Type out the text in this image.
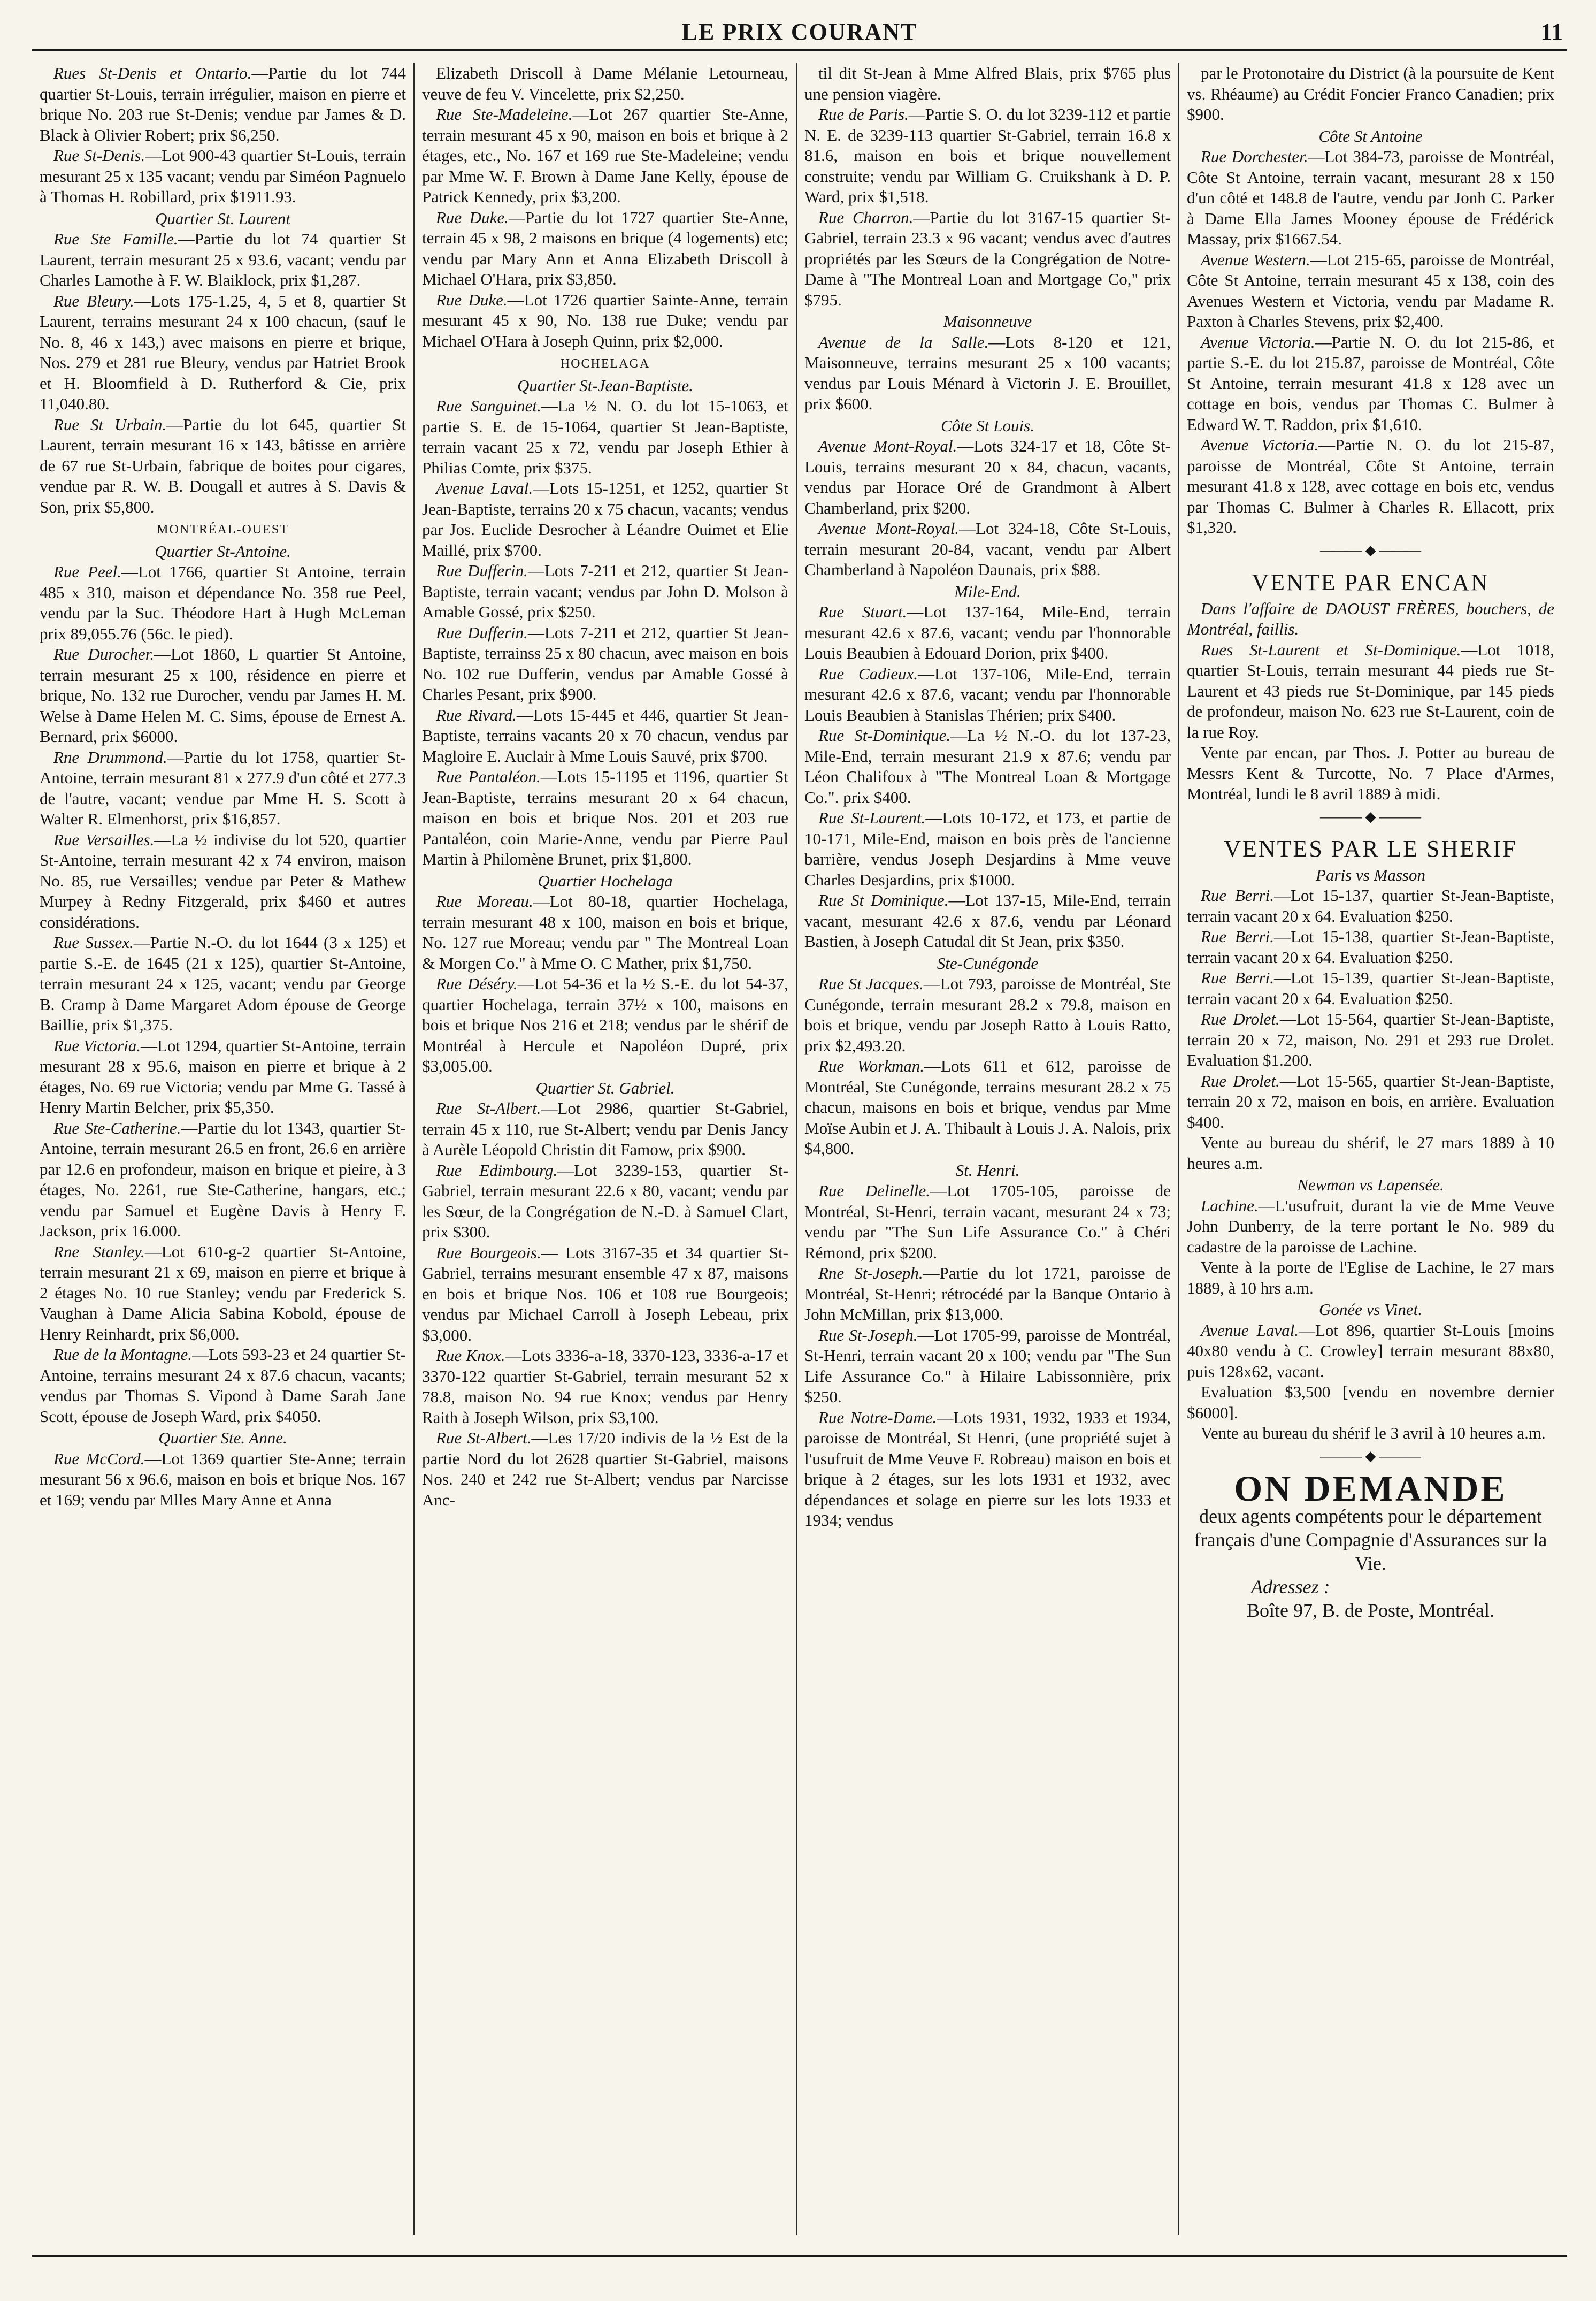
LE PRIX COURANT	11

Rues St-Denis et Ontario.—Partie du lot 744 quartier St-Louis, terrain irrégulier, maison en pierre et brique No. 203 rue St-Denis; vendue par James & D. Black à Olivier Robert; prix $6,250.

Rue St-Denis.—Lot 900-43 quartier St-Louis, terrain mesurant 25 x 135 vacant; vendu par Siméon Pagnuelo à Thomas H. Robillard, prix $1911.93.

Quartier St. Laurent

Rue Ste Famille.—Partie du lot 74 quartier St Laurent, terrain mesurant 25 x 93.6, vacant; vendu par Charles Lamothe à F. W. Blaiklock, prix $1,287.

Rue Bleury.—Lots 175-1.25, 4, 5 et 8, quartier St Laurent, terrains mesurant 24 x 100 chacun, (sauf le No. 8, 46 x 143,) avec maisons en pierre et brique, Nos. 279 et 281 rue Bleury, vendus par Hatriet Brook et H. Bloomfield à D. Rutherford & Cie, prix 11,040.80.

Rue St Urbain.—Partie du lot 645, quartier St Laurent, terrain mesurant 16 x 143, bâtisse en arrière de 67 rue St-Urbain, fabrique de boites pour cigares, vendue par R. W. B. Dougall et autres à S. Davis & Son, prix $5,800.

MONTRÉAL-OUEST
Quartier St-Antoine.

Rue Peel.—Lot 1766, quartier St Antoine, terrain 485 x 310, maison et dépendance No. 358 rue Peel, vendu par la Suc. Théodore Hart à Hugh McLeman prix 89,055.76 (56c. le pied).

Rue Durocher.—Lot 1860, L quartier St Antoine, terrain mesurant 25 x 100, résidence en pierre et brique, No. 132 rue Durocher, vendu par James H. M. Welse à Dame Helen M. C. Sims, épouse de Ernest A. Bernard, prix $6000.

Rne Drummond.—Partie du lot 1758, quartier St-Antoine, terrain mesurant 81 x 277.9 d'un côté et 277.3 de l'autre, vacant; vendue par Mme H. S. Scott à Walter R. Elmenhorst, prix $16,857.

Rue Versailles.—La ½ indivise du lot 520, quartier St-Antoine, terrain mesurant 42 x 74 environ, maison No. 85, rue Versailles; vendue par Peter & Mathew Murpey à Redny Fitzgerald, prix $460 et autres considérations.

Rue Sussex.—Partie N.-O. du lot 1644 (3 x 125) et partie S.-E. de 1645 (21 x 125), quartier St-Antoine, terrain mesurant 24 x 125, vacant; vendu par George B. Cramp à Dame Margaret Adom épouse de George Baillie, prix $1,375.

Rue Victoria.—Lot 1294, quartier St-Antoine, terrain mesurant 28 x 95.6, maison en pierre et brique à 2 étages, No. 69 rue Victoria; vendu par Mme G. Tassé à Henry Martin Belcher, prix $5,350.

Rue Ste-Catherine.—Partie du lot 1343, quartier St-Antoine, terrain mesurant 26.5 en front, 26.6 en arrière par 12.6 en profondeur, maison en brique et pieire, à 3 étages, No. 2261, rue Ste-Catherine, hangars, etc.; vendu par Samuel et Eugène Davis à Henry F. Jackson, prix 16.000.

Rne Stanley.—Lot 610-g-2 quartier St-Antoine, terrain mesurant 21 x 69, maison en pierre et brique à 2 étages No. 10 rue Stanley; vendu par Frederick S. Vaughan à Dame Alicia Sabina Kobold, épouse de Henry Reinhardt, prix $6,000.

Rue de la Montagne.—Lots 593-23 et 24 quartier St-Antoine, terrains mesurant 24 x 87.6 chacun, vacants; vendus par Thomas S. Vipond à Dame Sarah Jane Scott, épouse de Joseph Ward, prix $4050.

Quartier Ste. Anne.

Rue McCord.—Lot 1369 quartier Ste-Anne; terrain mesurant 56 x 96.6, maison en bois et brique Nos. 167 et 169; vendu par Mlles Mary Anne et Anna

Elizabeth Driscoll à Dame Mélanie Letourneau, veuve de feu V. Vincelette, prix $2,250.

Rue Ste-Madeleine.—Lot 267 quartier Ste-Anne, terrain mesurant 45 x 90, maison en bois et brique à 2 étages, etc., No. 167 et 169 rue Ste-Madeleine; vendu par Mme W. F. Brown à Dame Jane Kelly, épouse de Patrick Kennedy, prix $3,200.

Rue Duke.—Partie du lot 1727 quartier Ste-Anne, terrain 45 x 98, 2 maisons en brique (4 logements) etc; vendu par Mary Ann et Anna Elizabeth Driscoll à Michael O'Hara, prix $3,850.

Rue Duke.—Lot 1726 quartier Sainte-Anne, terrain mesurant 45 x 90, No. 138 rue Duke; vendu par Michael O'Hara à Joseph Quinn, prix $2,000.

HOCHELAGA
Quartier St-Jean-Baptiste.

Rue Sanguinet.—La ½ N. O. du lot 15-1063, et partie S. E. de 15-1064, quartier St Jean-Baptiste, terrain vacant 25 x 72, vendu par Joseph Ethier à Philias Comte, prix $375.

Avenue Laval.—Lots 15-1251, et 1252, quartier St Jean-Baptiste, terrains 20 x 75 chacun, vacants; vendus par Jos. Euclide Desrocher à Léandre Ouimet et Elie Maillé, prix $700.

Rue Dufferin.—Lots 7-211 et 212, quartier St Jean-Baptiste, terrain vacant; vendus par John D. Molson à Amable Gossé, prix $250.

Rue Dufferin.—Lots 7-211 et 212, quartier St Jean-Baptiste, terrainss 25 x 80 chacun, avec maison en bois No. 102 rue Dufferin, vendus par Amable Gossé à Charles Pesant, prix $900.

Rue Rivard.—Lots 15-445 et 446, quartier St Jean-Baptiste, terrains vacants 20 x 70 chacun, vendus par Magloire E. Auclair à Mme Louis Sauvé, prix $700.

Rue Pantaléon.—Lots 15-1195 et 1196, quartier St Jean-Baptiste, terrains mesurant 20 x 64 chacun, maison en bois et brique Nos. 201 et 203 rue Pantaléon, coin Marie-Anne, vendu par Pierre Paul Martin à Philomène Brunet, prix $1,800.

Quartier Hochelaga

Rue Moreau.—Lot 80-18, quartier Hochelaga, terrain mesurant 48 x 100, maison en bois et brique, No. 127 rue Moreau; vendu par " The Montreal Loan & Morgen Co." à Mme O. C Mather, prix $1,750.

Rue Déséry.—Lot 54-36 et la ½ S.-E. du lot 54-37, quartier Hochelaga, terrain 37½ x 100, maisons en bois et brique Nos 216 et 218; vendus par le shérif de Montréal à Hercule et Napoléon Dupré, prix $3,005.00.

Quartier St. Gabriel.

Rue St-Albert.—Lot 2986, quartier St-Gabriel, terrain 45 x 110, rue St-Albert; vendu par Denis Jancy à Aurèle Léopold Christin dit Famow, prix $900.

Rue Edimbourg.—Lot 3239-153, quartier St-Gabriel, terrain mesurant 22.6 x 80, vacant; vendu par les Sœur, de la Congrégation de N.-D. à Samuel Clart, prix $300.

Rue Bourgeois.— Lots 3167-35 et 34 quartier St-Gabriel, terrains mesurant ensemble 47 x 87, maisons en bois et brique Nos. 106 et 108 rue Bourgeois; vendus par Michael Carroll à Joseph Lebeau, prix $3,000.

Rue Knox.—Lots 3336-a-18, 3370-123, 3336-a-17 et 3370-122 quartier St-Gabriel, terrain mesurant 52 x 78.8, maison No. 94 rue Knox; vendus par Henry Raith à Joseph Wilson, prix $3,100.

Rue St-Albert.—Les 17/20 indivis de la ½ Est de la partie Nord du lot 2628 quartier St-Gabriel, maisons Nos. 240 et 242 rue St-Albert; vendus par Narcisse Anc-

til dit St-Jean à Mme Alfred Blais, prix $765 plus une pension viagère.

Rue de Paris.—Partie S. O. du lot 3239-112 et partie N. E. de 3239-113 quartier St-Gabriel, terrain 16.8 x 81.6, maison en bois et brique nouvellement construite; vendu par William G. Cruikshank à D. P. Ward, prix $1,518.

Rue Charron.—Partie du lot 3167-15 quartier St-Gabriel, terrain 23.3 x 96 vacant; vendus avec d'autres propriétés par les Sœurs de la Congrégation de Notre-Dame à "The Montreal Loan and Mortgage Co," prix $795.

Maisonneuve

Avenue de la Salle.—Lots 8-120 et 121, Maisonneuve, terrains mesurant 25 x 100 vacants; vendus par Louis Ménard à Victorin J. E. Brouillet, prix $600.

Côte St Louis.

Avenue Mont-Royal.—Lots 324-17 et 18, Côte St-Louis, terrains mesurant 20 x 84, chacun, vacants, vendus par Horace Oré de Grandmont à Albert Chamberland, prix $200.

Avenue Mont-Royal.—Lot 324-18, Côte St-Louis, terrain mesurant 20-84, vacant, vendu par Albert Chamberland à Napoléon Daunais, prix $88.

Mile-End.

Rue Stuart.—Lot 137-164, Mile-End, terrain mesurant 42.6 x 87.6, vacant; vendu par l'honnorable Louis Beaubien à Edouard Dorion, prix $400.

Rue Cadieux.—Lot 137-106, Mile-End, terrain mesurant 42.6 x 87.6, vacant; vendu par l'honnorable Louis Beaubien à Stanislas Thérien; prix $400.

Rue St-Dominique.—La ½ N.-O. du lot 137-23, Mile-End, terrain mesurant 21.9 x 87.6; vendu par Léon Chalifoux à "The Montreal Loan & Mortgage Co.". prix $400.

Rue St-Laurent.—Lots 10-172, et 173, et partie de 10-171, Mile-End, maison en bois près de l'ancienne barrière, vendus Joseph Desjardins à Mme veuve Charles Desjardins, prix $1000.

Rue St Dominique.—Lot 137-15, Mile-End, terrain vacant, mesurant 42.6 x 87.6, vendu par Léonard Bastien, à Joseph Catudal dit St Jean, prix $350.

Ste-Cunégonde

Rue St Jacques.—Lot 793, paroisse de Montréal, Ste Cunégonde, terrain mesurant 28.2 x 79.8, maison en bois et brique, vendu par Joseph Ratto à Louis Ratto, prix $2,493.20.

Rue Workman.—Lots 611 et 612, paroisse de Montréal, Ste Cunégonde, terrains mesurant 28.2 x 75 chacun, maisons en bois et brique, vendus par Mme Moïse Aubin et J. A. Thibault à Louis J. A. Nalois, prix $4,800.

St. Henri.

Rue Delinelle.—Lot 1705-105, paroisse de Montréal, St-Henri, terrain vacant, mesurant 24 x 73; vendu par "The Sun Life Assurance Co." à Chéri Rémond, prix $200.

Rne St-Joseph.—Partie du lot 1721, paroisse de Montréal, St-Henri; rétrocédé par la Banque Ontario à John McMillan, prix $13,000.

Rue St-Joseph.—Lot 1705-99, paroisse de Montréal, St-Henri, terrain vacant 20 x 100; vendu par "The Sun Life Assurance Co." à Hilaire Labissonnière, prix $250.

Rue Notre-Dame.—Lots 1931, 1932, 1933 et 1934, paroisse de Montréal, St Henri, (une propriété sujet à l'usufruit de Mme Veuve F. Robreau) maison en bois et brique à 2 étages, sur les lots 1931 et 1932, avec dépendances et solage en pierre sur les lots 1933 et 1934; vendus

par le Protonotaire du District (à la poursuite de Kent vs. Rhéaume) au Crédit Foncier Franco Canadien; prix $900.

Côte St Antoine

Rue Dorchester.—Lot 384-73, paroisse de Montréal, Côte St Antoine, terrain vacant, mesurant 28 x 150 d'un côté et 148.8 de l'autre, vendu par Jonh C. Parker à Dame Ella James Mooney épouse de Frédérick Massay, prix $1667.54.

Avenue Western.—Lot 215-65, paroisse de Montréal, Côte St Antoine, terrain mesurant 45 x 138, coin des Avenues Western et Victoria, vendu par Madame R. Paxton à Charles Stevens, prix $2,400.

Avenue Victoria.—Partie N. O. du lot 215-86, et partie S.-E. du lot 215.87, paroisse de Montréal, Côte St Antoine, terrain mesurant 41.8 x 128 avec un cottage en bois, vendus par Thomas C. Bulmer à Edward W. T. Raddon, prix $1,610.

Avenue Victoria.—Partie N. O. du lot 215-87, paroisse de Montréal, Côte St Antoine, terrain mesurant 41.8 x 128, avec cottage en bois etc, vendus par Thomas C. Bulmer à Charles R. Ellacott, prix $1,320.

——— ◆ ———
VENTE PAR ENCAN

Dans l'affaire de DAOUST FRÈRES, bouchers, de Montréal, faillis.

Rues St-Laurent et St-Dominique.—Lot 1018, quartier St-Louis, terrain mesurant 44 pieds rue St-Laurent et 43 pieds rue St-Dominique, par 145 pieds de profondeur, maison No. 623 rue St-Laurent, coin de la rue Roy.

Vente par encan, par Thos. J. Potter au bureau de Messrs Kent & Turcotte, No. 7 Place d'Armes, Montréal, lundi le 8 avril 1889 à midi.

——— ◆ ———
VENTES PAR LE SHERIF
Paris vs Masson

Rue Berri.—Lot 15-137, quartier St-Jean-Baptiste, terrain vacant 20 x 64. Evaluation $250.

Rue Berri.—Lot 15-138, quartier St-Jean-Baptiste, terrain vacant 20 x 64. Evaluation $250.

Rue Berri.—Lot 15-139, quartier St-Jean-Baptiste, terrain vacant 20 x 64. Evaluation $250.

Rue Drolet.—Lot 15-564, quartier St-Jean-Baptiste, terrain 20 x 72, maison, No. 291 et 293 rue Drolet. Evaluation $1.200.

Rue Drolet.—Lot 15-565, quartier St-Jean-Baptiste, terrain 20 x 72, maison en bois, en arrière. Evaluation $400.

Vente au bureau du shérif, le 27 mars 1889 à 10 heures a.m.

Newman vs Lapensée.

Lachine.—L'usufruit, durant la vie de Mme Veuve John Dunberry, de la terre portant le No. 989 du cadastre de la paroisse de Lachine.

Vente à la porte de l'Eglise de Lachine, le 27 mars 1889, à 10 hrs a.m.

Gonée vs Vinet.

Avenue Laval.—Lot 896, quartier St-Louis [moins 40x80 vendu à C. Crowley] terrain mesurant 88x80, puis 128x62, vacant.

Evaluation $3,500 [vendu en novembre dernier $6000].

Vente au bureau du shérif le 3 avril à 10 heures a.m.

——— ◆ ———
ON DEMANDE

deux agents compétents pour le département français d'une Compagnie d'Assurances sur la Vie.

Adressez :

Boîte 97, B. de Poste, Montréal.
